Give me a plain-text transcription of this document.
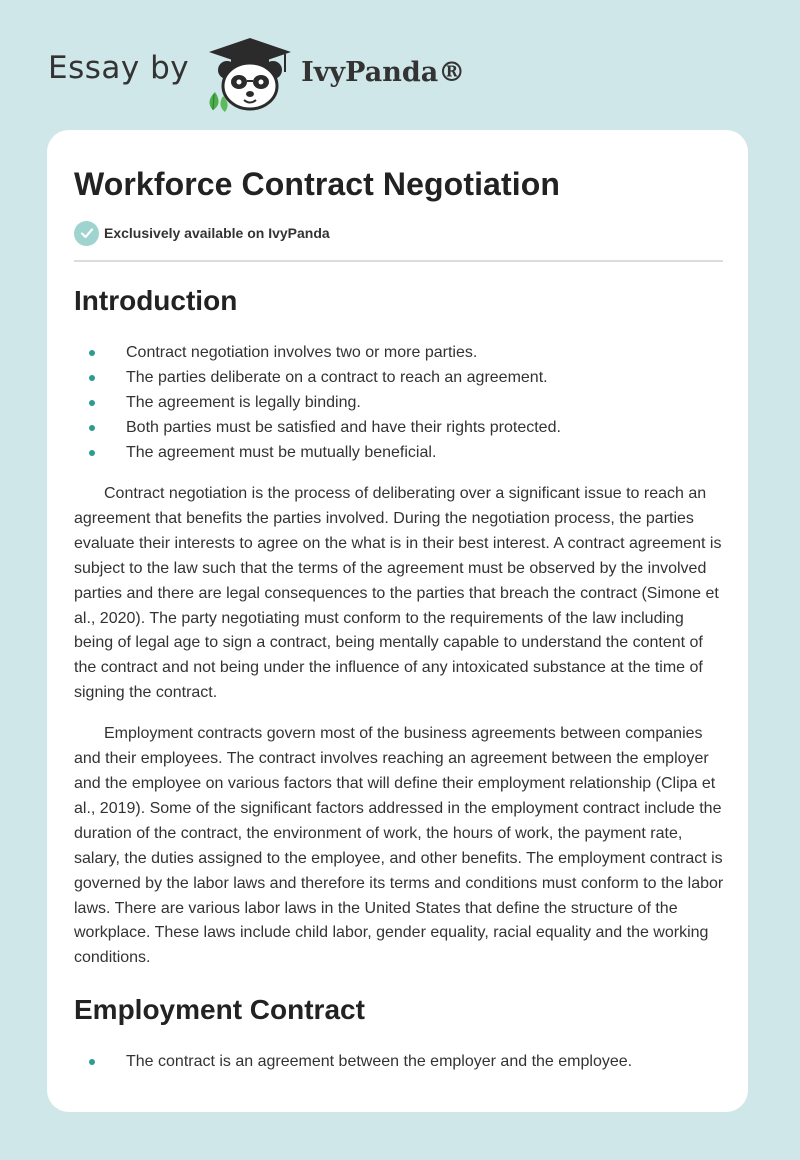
Essay by	IvyPanda®
Workforce Contract Negotiation
Exclusively available on IvyPanda
Introduction
Contract negotiation involves two or more parties.
The parties deliberate on a contract to reach an agreement.
The agreement is legally binding.
Both parties must be satisfied and have their rights protected.
The agreement must be mutually beneficial.

Contract negotiation is the process of deliberating over a significant issue to reach an agreement that benefits the parties involved. During the negotiation process, the parties evaluate their interests to agree on the what is in their best interest. A contract agreement is subject to the law such that the terms of the agreement must be observed by the involved parties and there are legal consequences to the parties that breach the contract (Simone et al., 2020). The party negotiating must conform to the requirements of the law including being of legal age to sign a contract, being mentally capable to understand the content of the contract and not being under the influence of any intoxicated substance at the time of signing the contract.

Employment contracts govern most of the business agreements between companies and their employees. The contract involves reaching an agreement between the employer and the employee on various factors that will define their employment relationship (Clipa et al., 2019). Some of the significant factors addressed in the employment contract include the duration of the contract, the environment of work, the hours of work, the payment rate, salary, the duties assigned to the employee, and other benefits. The employment contract is governed by the labor laws and therefore its terms and conditions must conform to the labor laws. There are various labor laws in the United States that define the structure of the workplace. These laws include child labor, gender equality, racial equality and the working conditions.

Employment Contract
The contract is an agreement between the employer and the employee.
